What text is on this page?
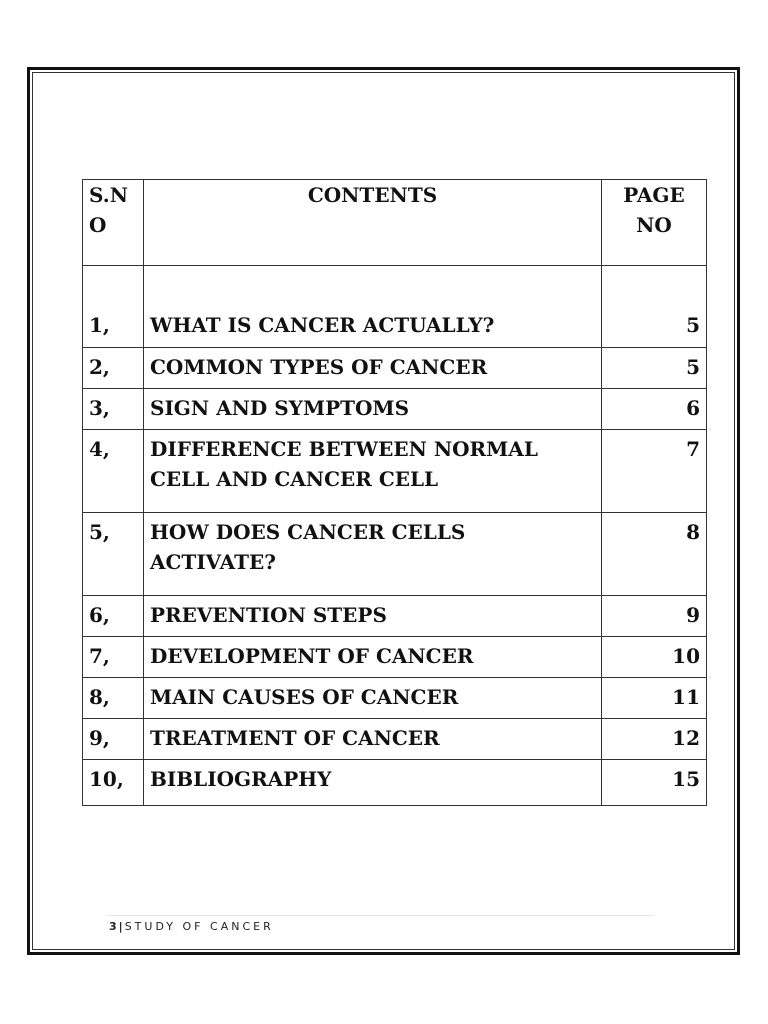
S.N O	CONTENTS	PAGE NO
1,	WHAT IS CANCER ACTUALLY?	5
2,	COMMON TYPES OF CANCER	5
3,	SIGN AND SYMPTOMS	6
4,	DIFFERENCE BETWEEN NORMAL CELL AND CANCER CELL	7
5,	HOW DOES CANCER CELLS ACTIVATE?	8
6,	PREVENTION STEPS	9
7,	DEVELOPMENT OF CANCER	10
8,	MAIN CAUSES OF CANCER	11
9,	TREATMENT OF CANCER	12
10,	BIBLIOGRAPHY	15
3 | STUDY OF CANCER
